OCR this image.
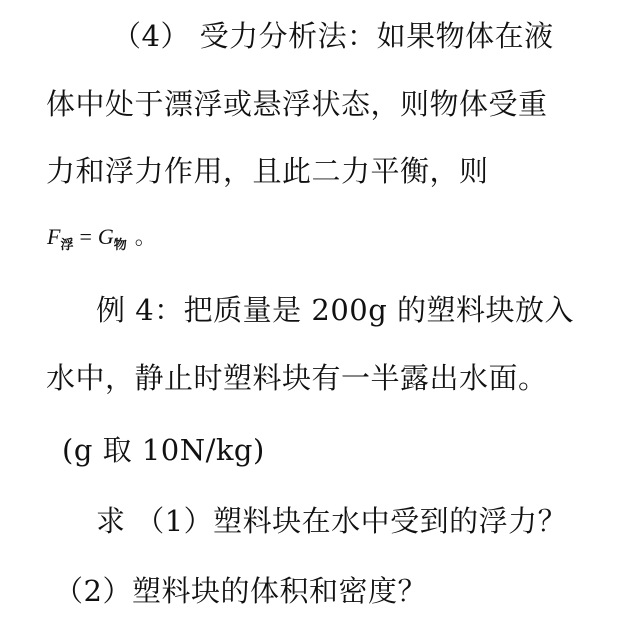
（4） 受力分析法：如果物体在液
体中处于漂浮或悬浮状态，则物体受重
力和浮力作用，且此二力平衡，则
$F_浮 = G_物$ 。
例 4：把质量是 200g 的塑料块放入
水中，静止时塑料块有一半露出水面。
(g 取 10N/kg)
求 （1）塑料块在水中受到的浮力？
（2）塑料块的体积和密度？
